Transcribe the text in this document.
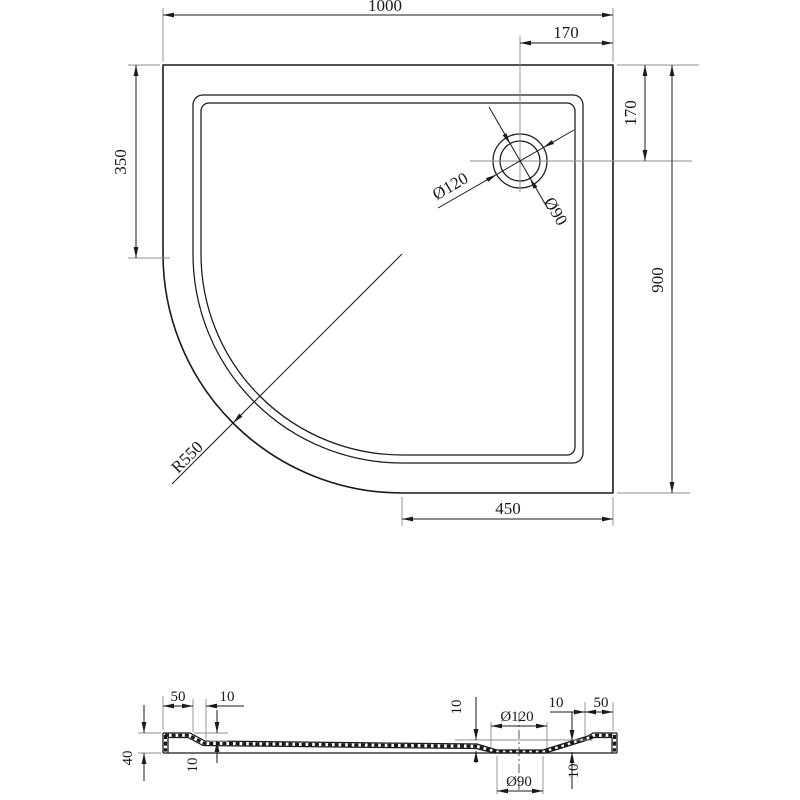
1000
170
170
900
350
450
R550
Ø120
Ø90
50 10
40	10
10
Ø120
Ø90
10
10 50
